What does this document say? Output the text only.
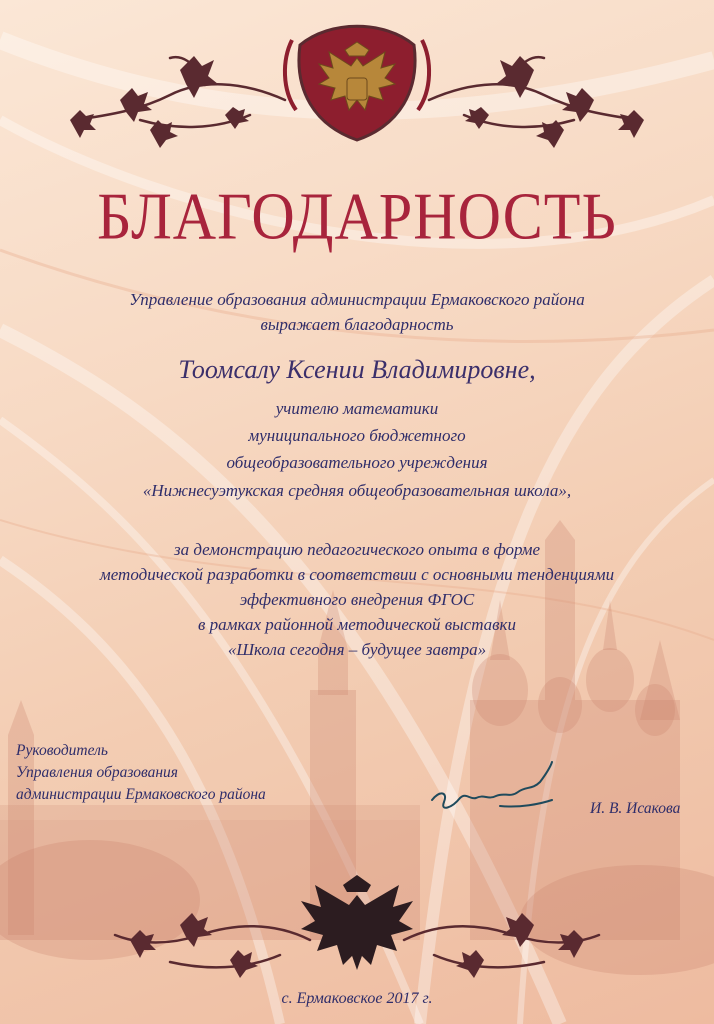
БЛАГОДАРНОСТЬ
Управление образования администрации Ермаковского района
выражает благодарность
Тоомсалу Ксении Владимировне,
учителю математики
муниципального бюджетного
общеобразовательного учреждения
«Нижнесуэтукская средняя общеобразовательная школа»,
за демонстрацию педагогического опыта в форме
методической разработки в соответствии с основными тенденциями
эффективного внедрения ФГОС
в рамках районной методической выставки
«Школа сегодня – будущее завтра»
Руководитель
Управления образования
администрации Ермаковского района
И. В. Исакова
с. Ермаковское 2017 г.
